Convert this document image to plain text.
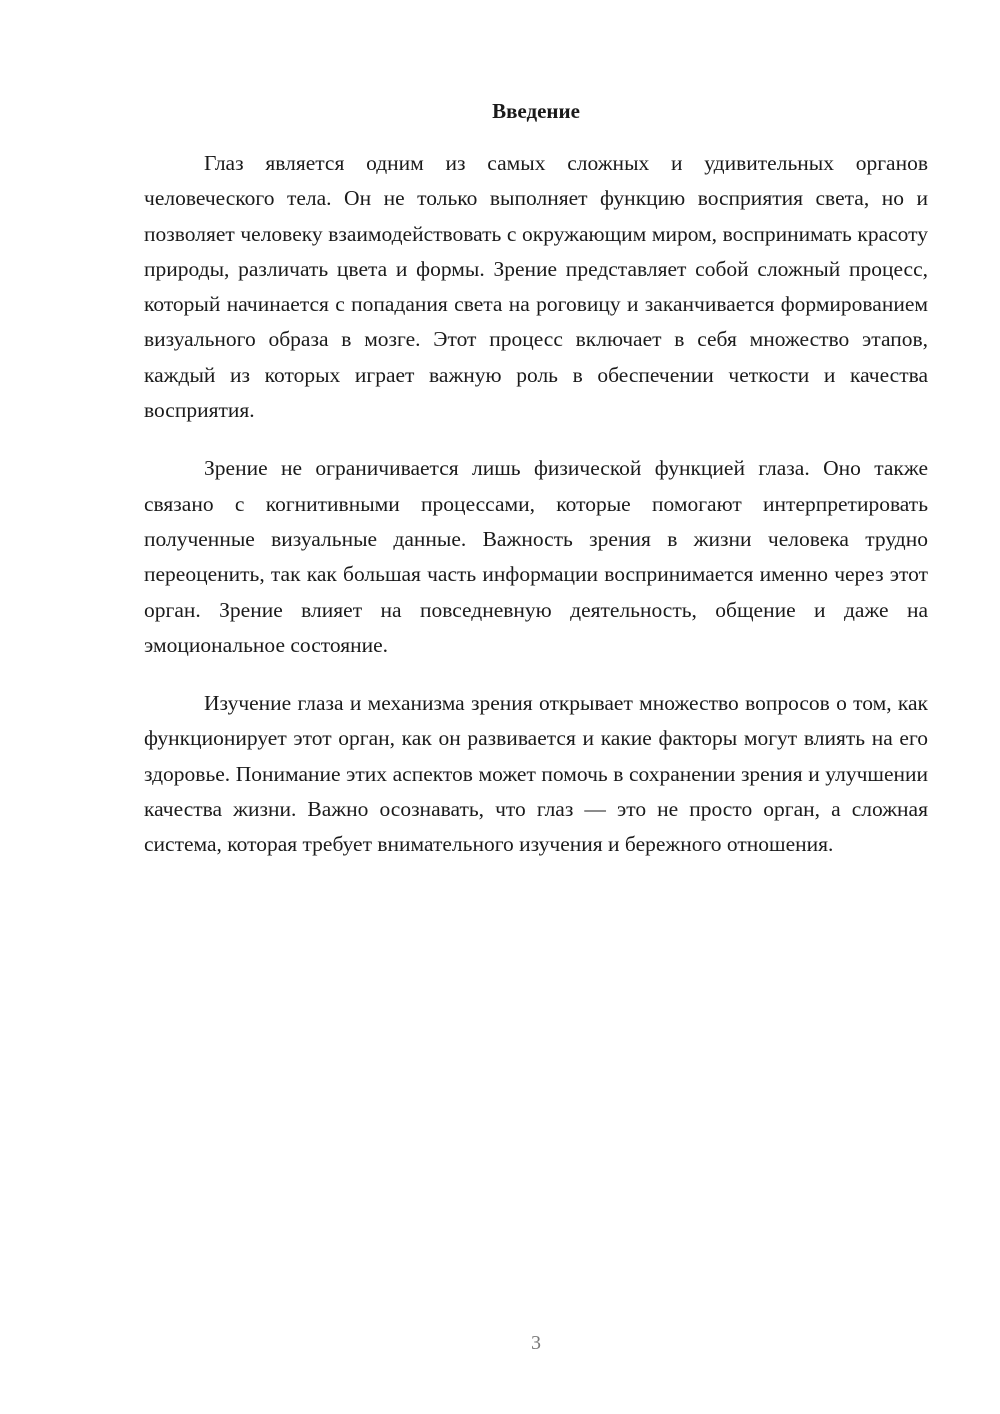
Введение

Глаз является одним из самых сложных и удивительных органов человеческого тела. Он не только выполняет функцию восприятия света, но и позволяет человеку взаимодействовать с окружающим миром, воспринимать красоту природы, различать цвета и формы. Зрение представляет собой сложный процесс, который начинается с попадания света на роговицу и заканчивается формированием визуального образа в мозге. Этот процесс включает в себя множество этапов, каждый из которых играет важную роль в обеспечении четкости и качества восприятия.

Зрение не ограничивается лишь физической функцией глаза. Оно также связано с когнитивными процессами, которые помогают интерпретировать полученные визуальные данные. Важность зрения в жизни человека трудно переоценить, так как большая часть информации воспринимается именно через этот орган. Зрение влияет на повседневную деятельность, общение и даже на эмоциональное состояние.

Изучение глаза и механизма зрения открывает множество вопросов о том, как функционирует этот орган, как он развивается и какие факторы могут влиять на его здоровье. Понимание этих аспектов может помочь в сохранении зрения и улучшении качества жизни. Важно осознавать, что глаз — это не просто орган, а сложная система, которая требует внимательного изучения и бережного отношения.

3
